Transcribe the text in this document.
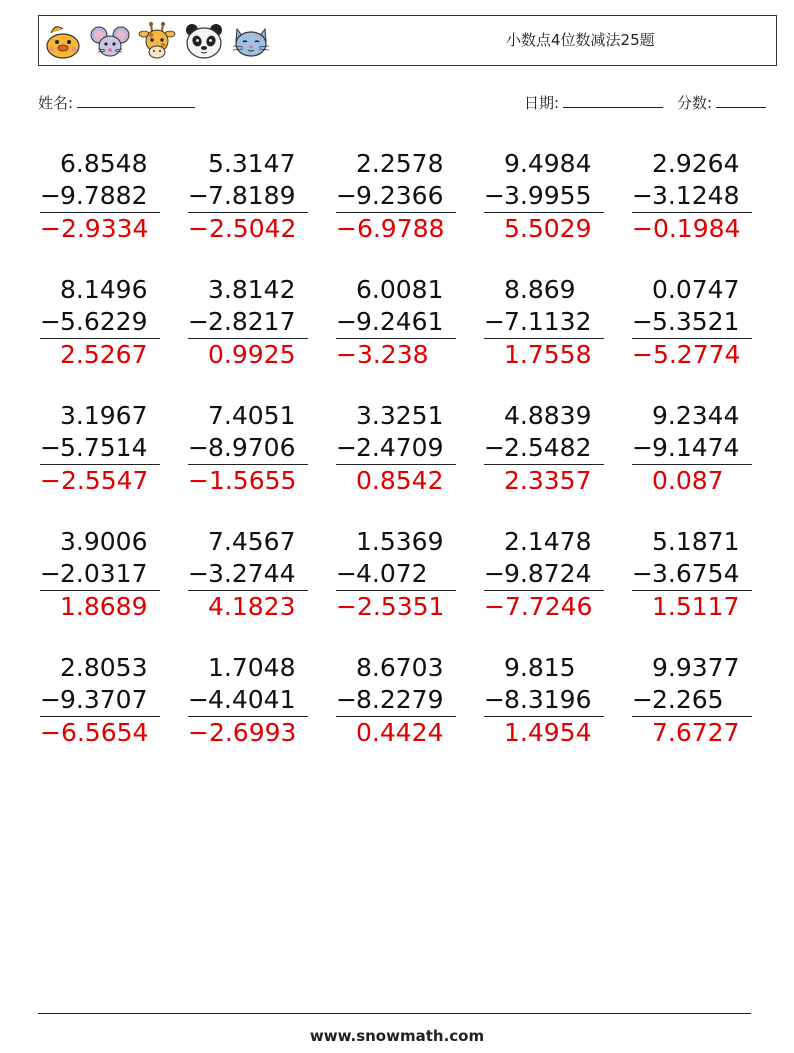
小数点4位数减法25题
姓名:	日期:	分数:
6.8548
− 9.7882
−2.9334
5.3147
− 7.8189
−2.5042
2.2578
− 9.2366
−6.9788
9.4984
− 3.9955
5.5029
2.9264
− 3.1248
−0.1984
8.1496
− 5.6229
2.5267
3.8142
− 2.8217
0.9925
6.0081
− 9.2461
−3.238
8.869
− 7.1132
1.7558
0.0747
− 5.3521
−5.2774
3.1967
− 5.7514
−2.5547
7.4051
− 8.9706
−1.5655
3.3251
− 2.4709
0.8542
4.8839
− 2.5482
2.3357
9.2344
− 9.1474
0.087
3.9006
− 2.0317
1.8689
7.4567
− 3.2744
4.1823
1.5369
− 4.072
−2.5351
2.1478
− 9.8724
−7.7246
5.1871
− 3.6754
1.5117
2.8053
− 9.3707
−6.5654
1.7048
− 4.4041
−2.6993
8.6703
− 8.2279
0.4424
9.815
− 8.3196
1.4954
9.9377
− 2.265
7.6727
www.snowmath.com
